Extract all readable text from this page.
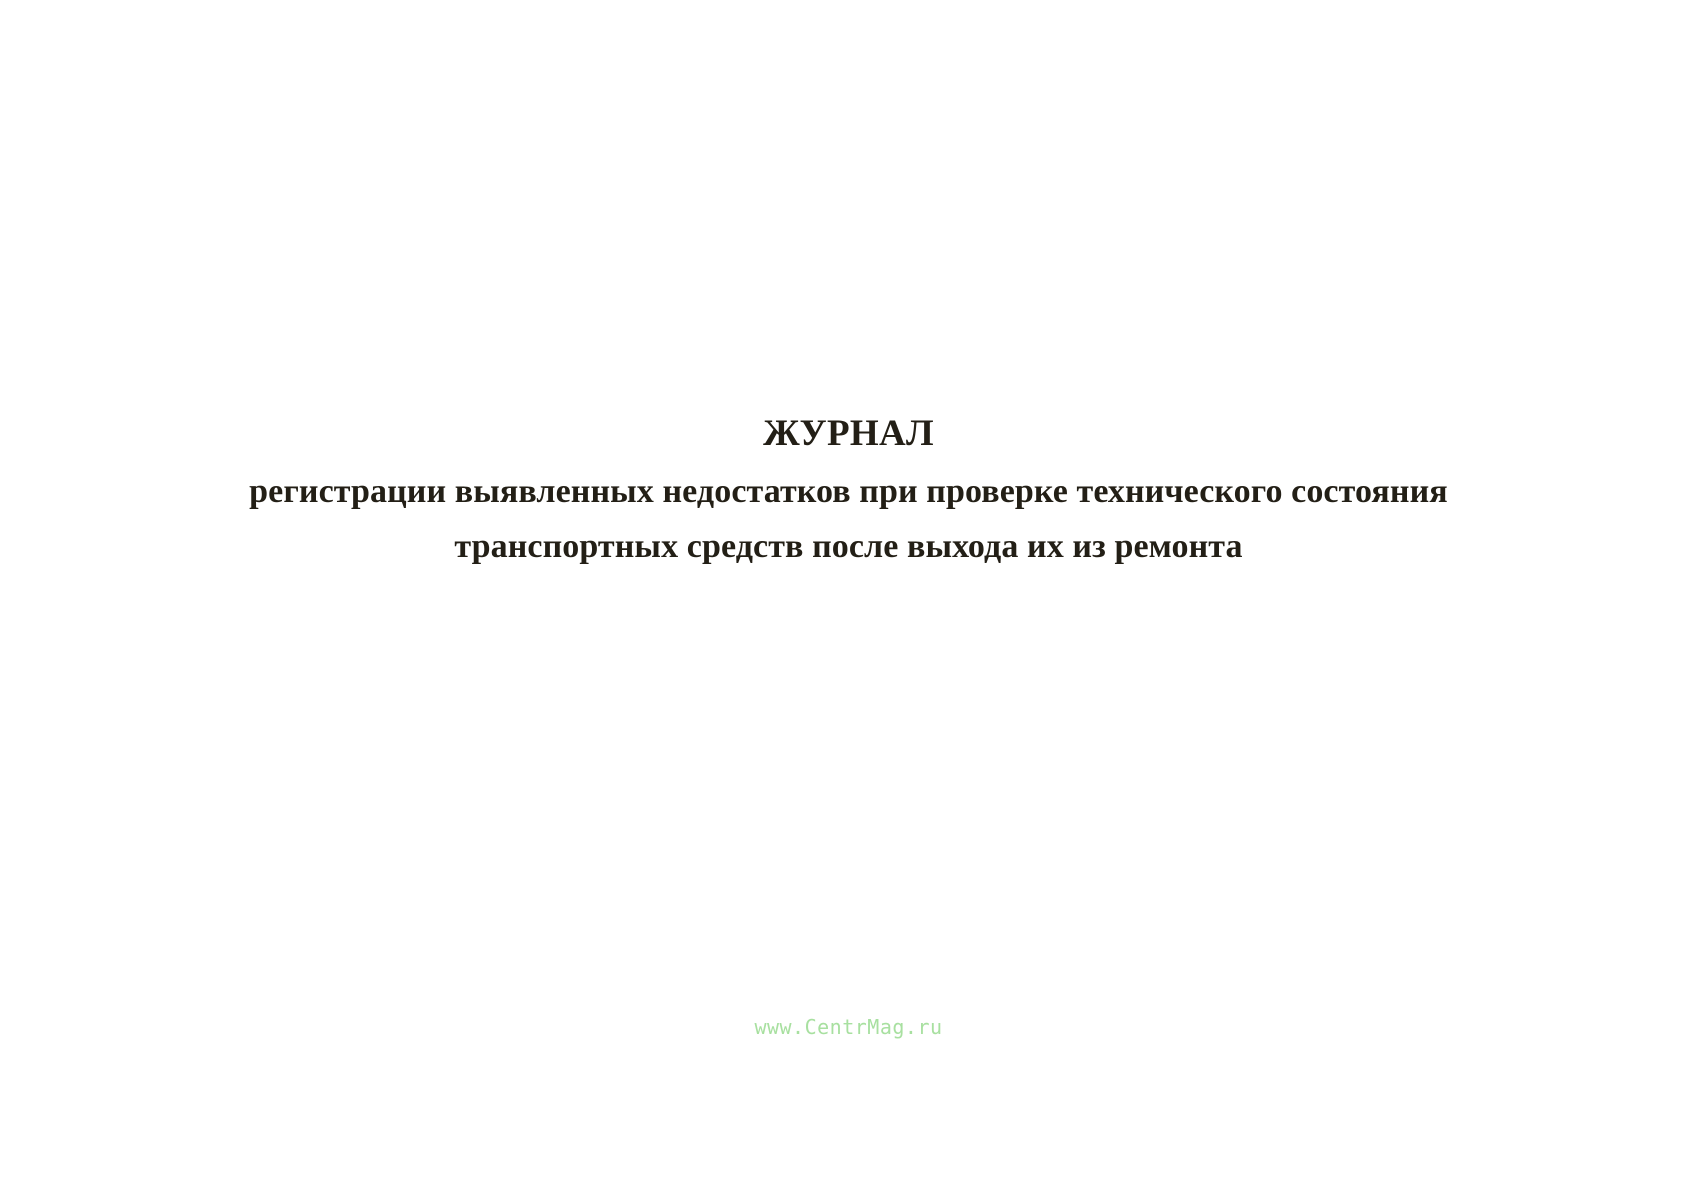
ЖУРНАЛ
регистрации выявленных недостатков при проверке технического состояния транспортных средств после выхода их из ремонта
www.CentrMag.ru
